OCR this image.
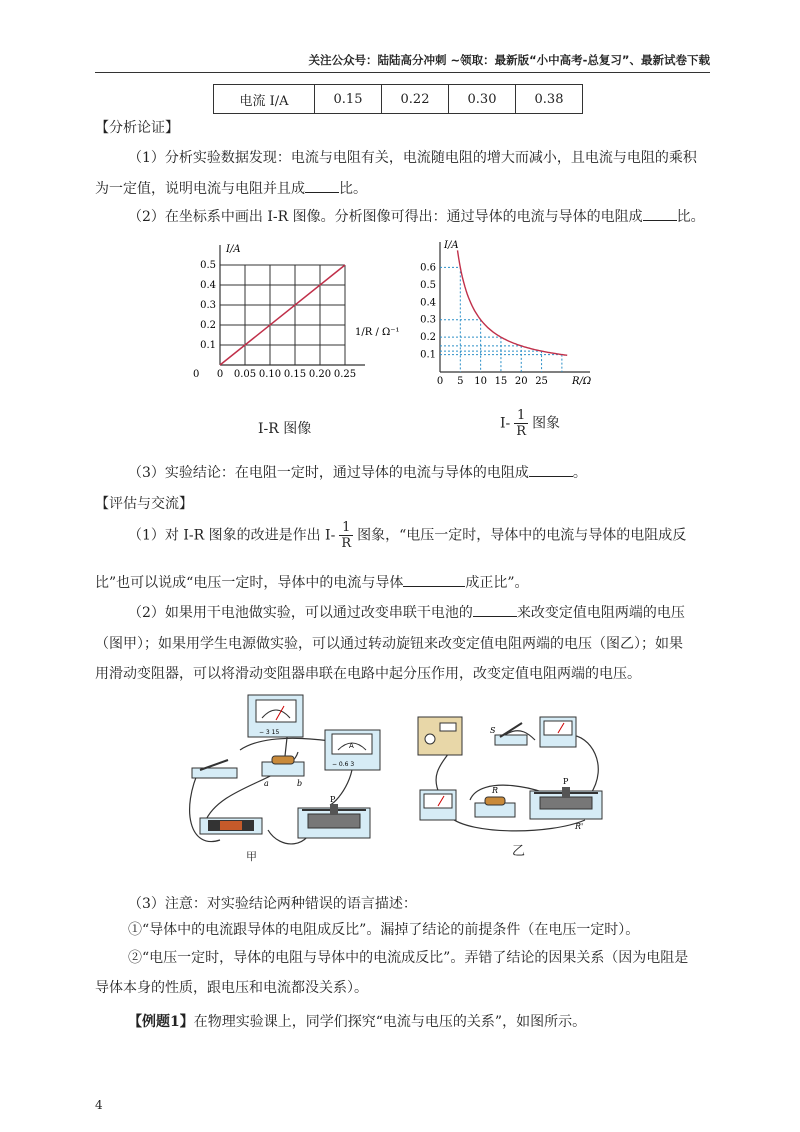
关注公众号：陆陆高分冲刺 ~领取：最新版“小中高考-总复习”、最新试卷下载
电流 I/A	0.15	0.22	0.30	0.38
【分析论证】
（1）分析实验数据发现：电流与电阻有关，电流随电阻的增大而减小，且电流与电阻的乘积
为一定值，说明电流与电阻并且成 比。
（2）在坐标系中画出 I-R 图像。分析图像可得出：通过导体的电流与导体的电阻成 比。
0 0.05 0.10 0.15 0.20 0.25
0.1
0.2
0.3
0.4
0.5
0
I/A
1/R / Ω⁻¹
0 5 10 15 20 25
0.1
0.2
0.3
0.4
0.5
0.6
I/A
R/Ω
I-R 图像	$I- \frac{1}{R}$ 图象
（3）实验结论：在电阻一定时，通过导体的电流与导体的电阻成	。
【评估与交流】
（1）对 I-R 图象的改进是作出 $I- \frac{1}{R}$ 图象，“电压一定时，导体中的电流与导体的电阻成反
比”也可以说成“电压一定时，导体中的电流与导体	成正比”。
（2）如果用干电池做实验，可以通过改变串联干电池的	来改变定值电阻两端的电压
（图甲）；如果用学生电源做实验，可以通过转动旋钮来改变定值电阻两端的电压（图乙）；如果
用滑动变阻器，可以将滑动变阻器串联在电路中起分压作用，改变定值电阻两端的电压。
− 3 15
A
− 0.6 3
a	b
P
甲
S
R
P
R'
乙
（3）注意：对实验结论两种错误的语言描述：
①“导体中的电流跟导体的电阻成反比”。漏掉了结论的前提条件（在电压一定时）。
②“电压一定时，导体的电阻与导体中的电流成反比”。弄错了结论的因果关系（因为电阻是
导体本身的性质，跟电压和电流都没关系）。
【例题1】在物理实验课上，同学们探究“电流与电压的关系”，如图所示。
4
